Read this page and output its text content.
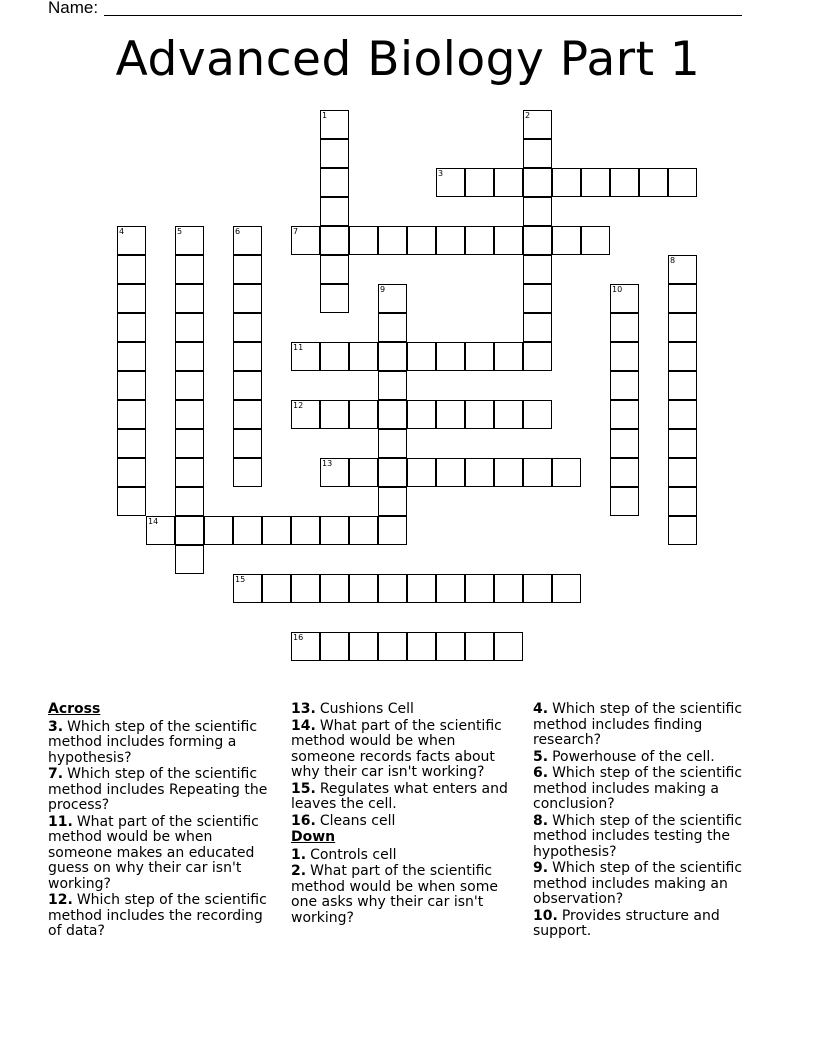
Name:
Advanced Biology Part 1
1	2
3
4	5	6	7
8
9	10
11
12
13
14
15
16
Across
3. Which step of the scientific method includes forming a hypothesis?
7. Which step of the scientific method includes Repeating the process?
11. What part of the scientific method would be when someone makes an educated guess on why their car isn't working?
12. Which step of the scientific method includes the recording of data?
13. Cushions Cell
14. What part of the scientific method would be when someone records facts about why their car isn't working?
15. Regulates what enters and leaves the cell.
16. Cleans cell
Down
1. Controls cell
2. What part of the scientific method would be when some one asks why their car isn't working?
4. Which step of the scientific method includes finding research?
5. Powerhouse of the cell.
6. Which step of the scientific method includes making a conclusion?
8. Which step of the scientific method includes testing the hypothesis?
9. Which step of the scientific method includes making an observation?
10. Provides structure and support.
